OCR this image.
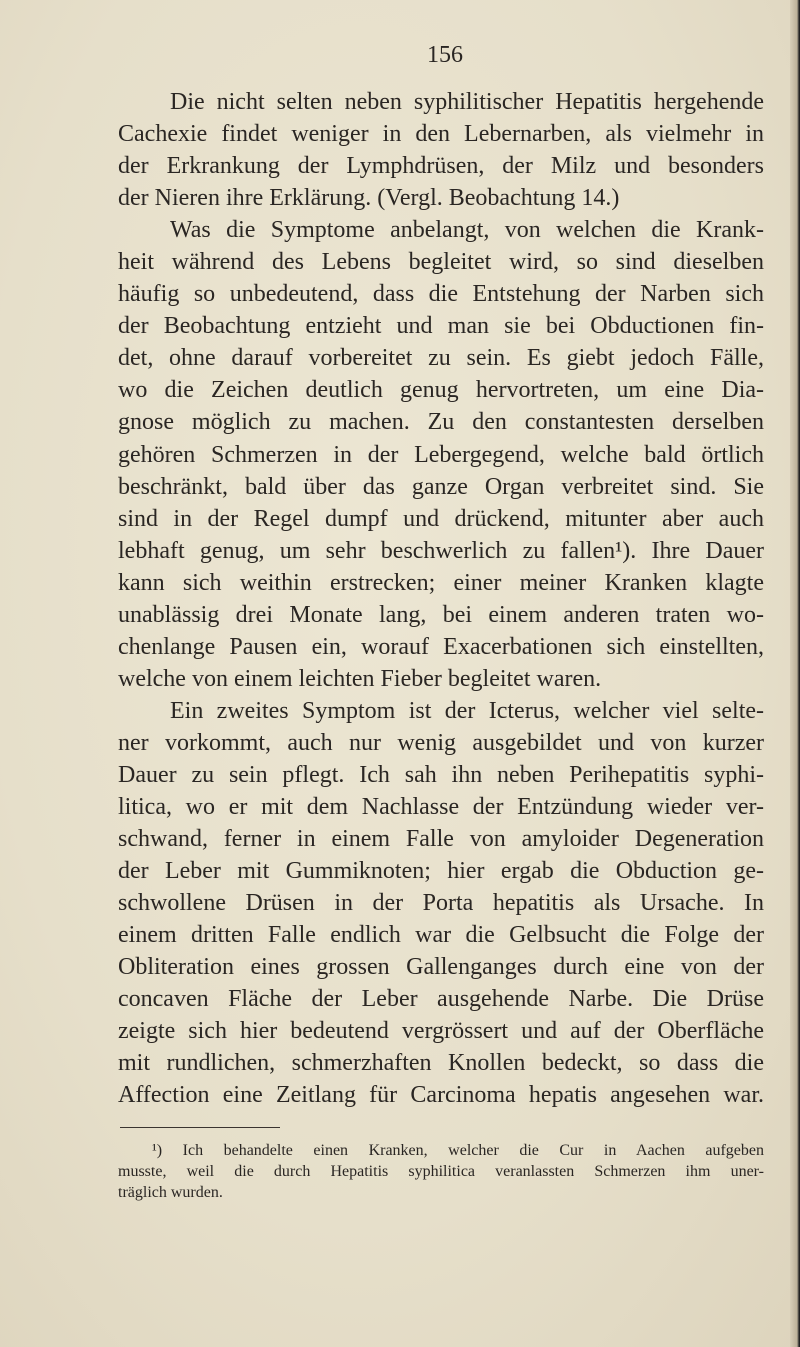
156
Die nicht selten neben syphilitischer Hepatitis hergehende
Cachexie findet weniger in den Lebernarben, als vielmehr in
der Erkrankung der Lymphdrüsen, der Milz und besonders
der Nieren ihre Erklärung. (Vergl. Beobachtung 14.)
Was die Symptome anbelangt, von welchen die Krank-
heit während des Lebens begleitet wird, so sind dieselben
häufig so unbedeutend, dass die Entstehung der Narben sich
der Beobachtung entzieht und man sie bei Obductionen fin-
det, ohne darauf vorbereitet zu sein. Es giebt jedoch Fälle,
wo die Zeichen deutlich genug hervortreten, um eine Dia-
gnose möglich zu machen. Zu den constantesten derselben
gehören Schmerzen in der Lebergegend, welche bald örtlich
beschränkt, bald über das ganze Organ verbreitet sind. Sie
sind in der Regel dumpf und drückend, mitunter aber auch
lebhaft genug, um sehr beschwerlich zu fallen¹). Ihre Dauer
kann sich weithin erstrecken; einer meiner Kranken klagte
unablässig drei Monate lang, bei einem anderen traten wo-
chenlange Pausen ein, worauf Exacerbationen sich einstellten,
welche von einem leichten Fieber begleitet waren.
Ein zweites Symptom ist der Icterus, welcher viel selte-
ner vorkommt, auch nur wenig ausgebildet und von kurzer
Dauer zu sein pflegt. Ich sah ihn neben Perihepatitis syphi-
litica, wo er mit dem Nachlasse der Entzündung wieder ver-
schwand, ferner in einem Falle von amyloider Degeneration
der Leber mit Gummiknoten; hier ergab die Obduction ge-
schwollene Drüsen in der Porta hepatitis als Ursache. In
einem dritten Falle endlich war die Gelbsucht die Folge der
Obliteration eines grossen Gallenganges durch eine von der
concaven Fläche der Leber ausgehende Narbe. Die Drüse
zeigte sich hier bedeutend vergrössert und auf der Oberfläche
mit rundlichen, schmerzhaften Knollen bedeckt, so dass die
Affection eine Zeitlang für Carcinoma hepatis angesehen war.
¹) Ich behandelte einen Kranken, welcher die Cur in Aachen aufgeben
musste, weil die durch Hepatitis syphilitica veranlassten Schmerzen ihm uner-
träglich wurden.
